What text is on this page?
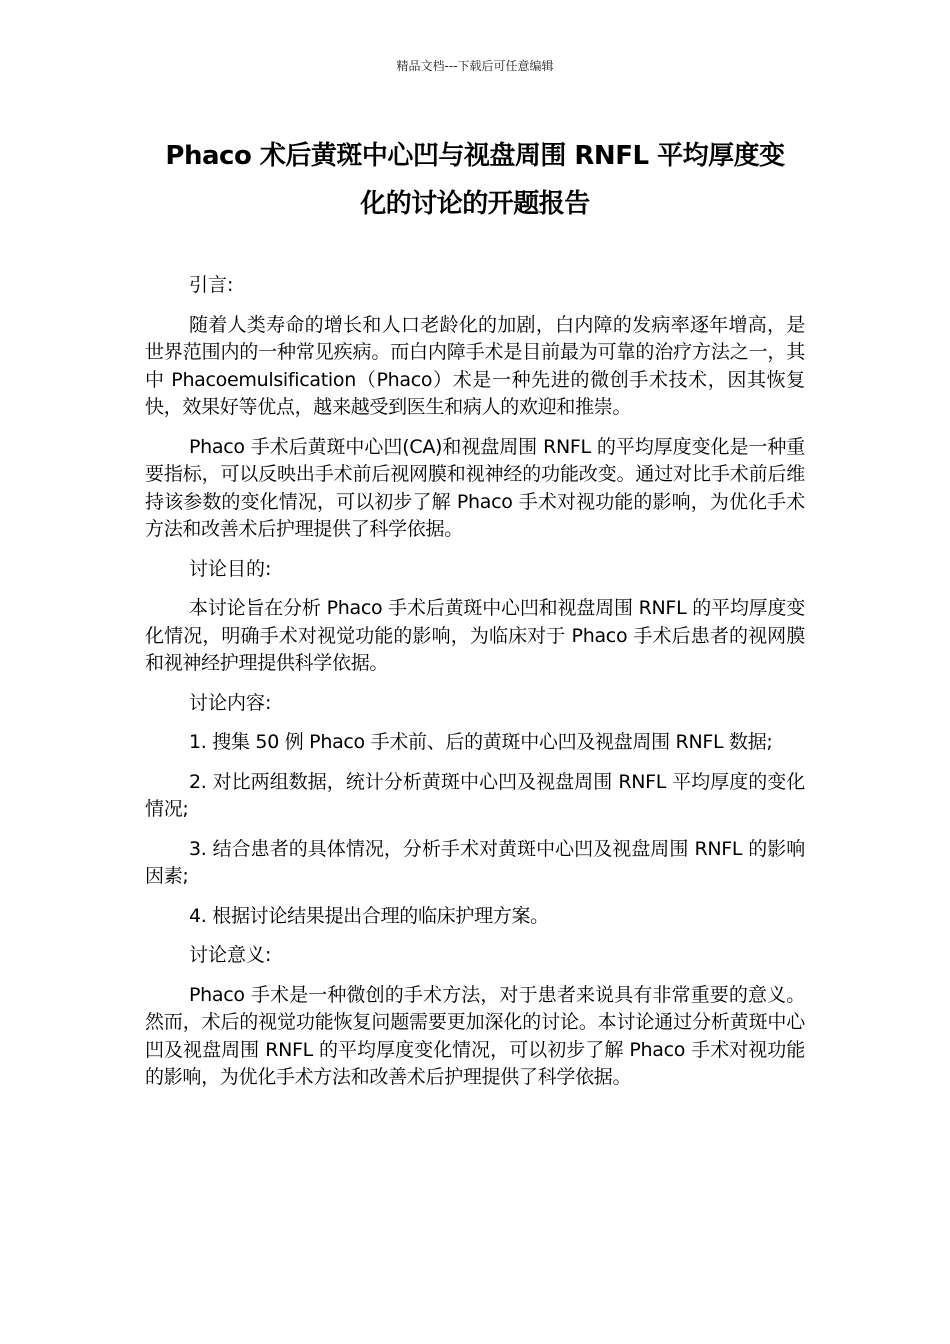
精品文档---下载后可任意编辑
Phaco 术后黄斑中心凹与视盘周围 RNFL 平均厚度变
化的讨论的开题报告

引言:

随着人类寿命的增长和人口老龄化的加剧，白内障的发病率逐年增高，是世界范围内的一种常见疾病。而白内障手术是目前最为可靠的治疗方法之一，其中 Phacoemulsification（Phaco）术是一种先进的微创手术技术，因其恢复快，效果好等优点，越来越受到医生和病人的欢迎和推崇。

Phaco 手术后黄斑中心凹(CA)和视盘周围 RNFL 的平均厚度变化是一种重要指标，可以反映出手术前后视网膜和视神经的功能改变。通过对比手术前后维持该参数的变化情况，可以初步了解 Phaco 手术对视功能的影响，为优化手术方法和改善术后护理提供了科学依据。

讨论目的:

本讨论旨在分析 Phaco 手术后黄斑中心凹和视盘周围 RNFL 的平均厚度变化情况，明确手术对视觉功能的影响，为临床对于 Phaco 手术后患者的视网膜和视神经护理提供科学依据。

讨论内容:

1. 搜集 50 例 Phaco 手术前、后的黄斑中心凹及视盘周围 RNFL 数据;

2. 对比两组数据，统计分析黄斑中心凹及视盘周围 RNFL 平均厚度的变化情况;

3. 结合患者的具体情况，分析手术对黄斑中心凹及视盘周围 RNFL 的影响因素;

4. 根据讨论结果提出合理的临床护理方案。

讨论意义:

Phaco 手术是一种微创的手术方法，对于患者来说具有非常重要的意义。然而，术后的视觉功能恢复问题需要更加深化的讨论。本讨论通过分析黄斑中心凹及视盘周围 RNFL 的平均厚度变化情况，可以初步了解 Phaco 手术对视功能的影响，为优化手术方法和改善术后护理提供了科学依据。
